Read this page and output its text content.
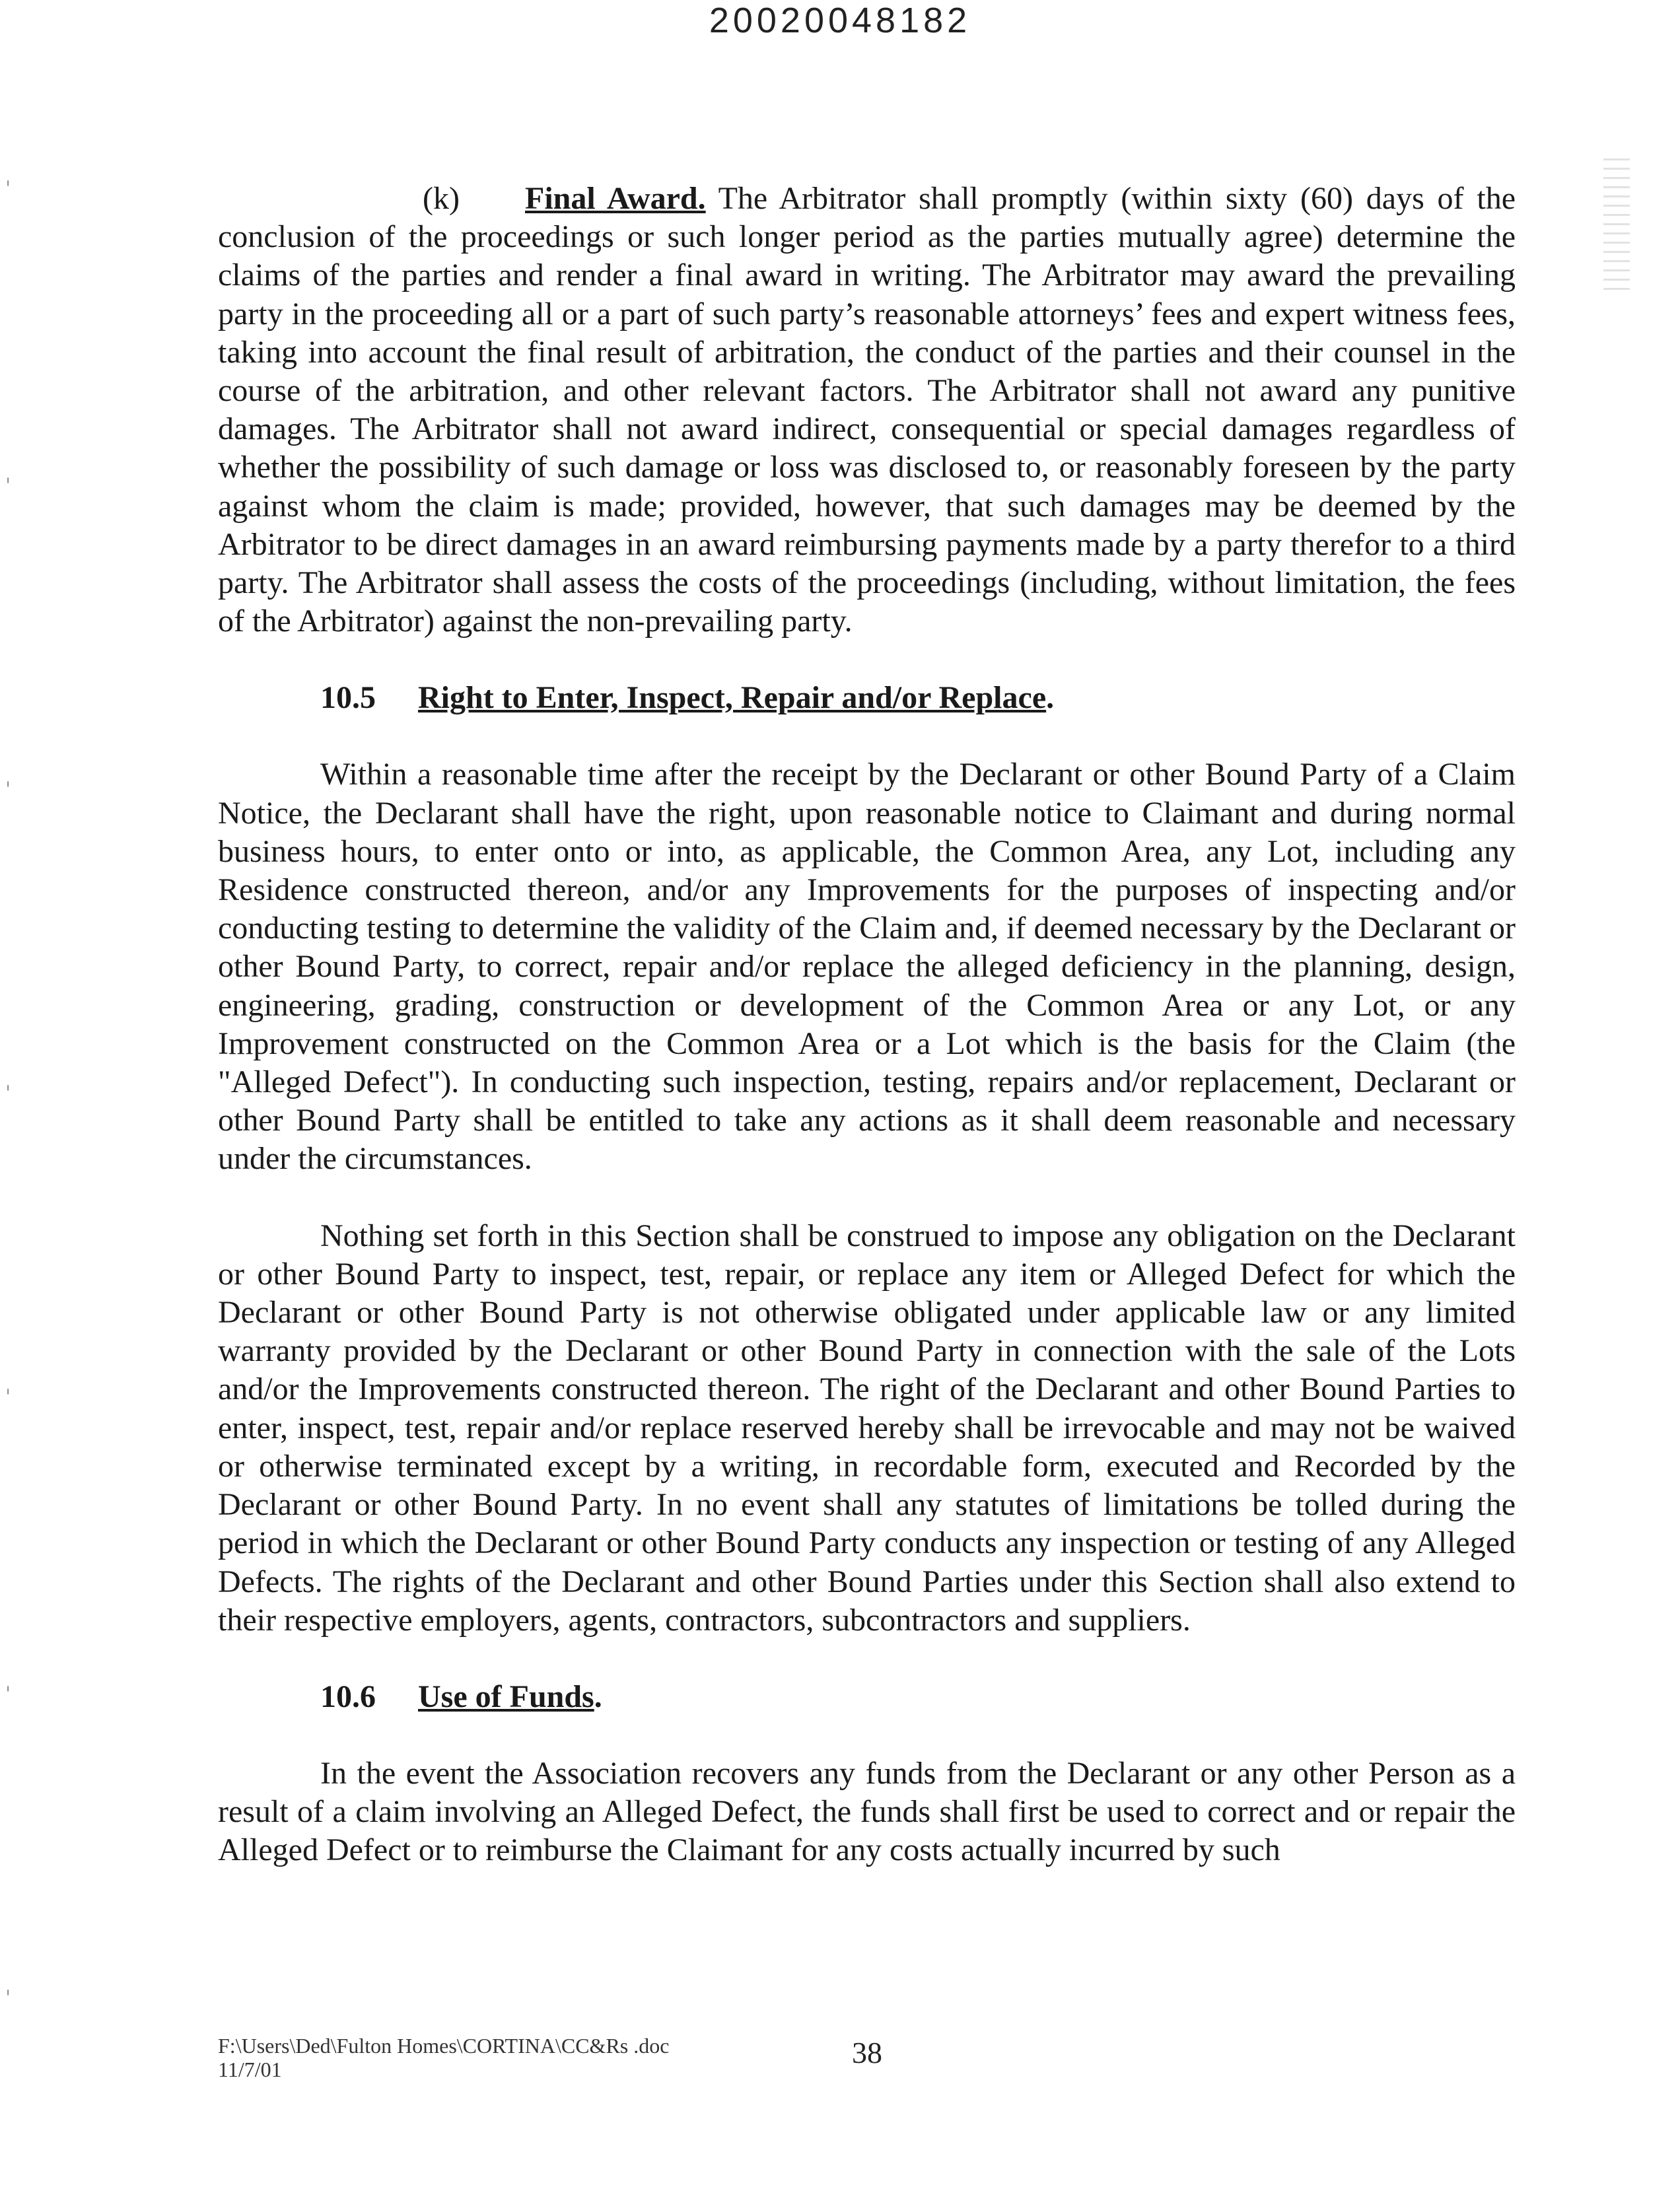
20020048182
ˌ
ˌ
ˌ
ˌ
ˌ
ˌ
ˌ

(k) Final Award. The Arbitrator shall promptly (within sixty (60) days of the conclusion of the proceedings or such longer period as the parties mutually agree) determine the claims of the parties and render a final award in writing. The Arbitrator may award the prevailing party in the proceeding all or a part of such party’s reasonable attorneys’ fees and expert witness fees, taking into account the final result of arbitration, the conduct of the parties and their counsel in the course of the arbitration, and other relevant factors. The Arbitrator shall not award any punitive damages. The Arbitrator shall not award indirect, consequential or special damages regardless of whether the possibility of such damage or loss was disclosed to, or reasonably foreseen by the party against whom the claim is made; provided, however, that such damages may be deemed by the Arbitrator to be direct damages in an award reimbursing payments made by a party therefor to a third party. The Arbitrator shall assess the costs of the proceedings (including, without limitation, the fees of the Arbitrator) against the non-prevailing party.

10.5 Right to Enter, Inspect, Repair and/or Replace.

Within a reasonable time after the receipt by the Declarant or other Bound Party of a Claim Notice, the Declarant shall have the right, upon reasonable notice to Claimant and during normal business hours, to enter onto or into, as applicable, the Common Area, any Lot, including any Residence constructed thereon, and/or any Improvements for the purposes of inspecting and/or conducting testing to determine the validity of the Claim and, if deemed necessary by the Declarant or other Bound Party, to correct, repair and/or replace the alleged deficiency in the planning, design, engineering, grading, construction or development of the Common Area or any Lot, or any Improvement constructed on the Common Area or a Lot which is the basis for the Claim (the "Alleged Defect"). In conducting such inspection, testing, repairs and/or replacement, Declarant or other Bound Party shall be entitled to take any actions as it shall deem reasonable and necessary under the circumstances.

Nothing set forth in this Section shall be construed to impose any obligation on the Declarant or other Bound Party to inspect, test, repair, or replace any item or Alleged Defect for which the Declarant or other Bound Party is not otherwise obligated under applicable law or any limited warranty provided by the Declarant or other Bound Party in connection with the sale of the Lots and/or the Improvements constructed thereon. The right of the Declarant and other Bound Parties to enter, inspect, test, repair and/or replace reserved hereby shall be irrevocable and may not be waived or otherwise terminated except by a writing, in recordable form, executed and Recorded by the Declarant or other Bound Party. In no event shall any statutes of limitations be tolled during the period in which the Declarant or other Bound Party conducts any inspection or testing of any Alleged Defects. The rights of the Declarant and other Bound Parties under this Section shall also extend to their respective employers, agents, contractors, subcontractors and suppliers.

10.6 Use of Funds.

In the event the Association recovers any funds from the Declarant or any other Person as a result of a claim involving an Alleged Defect, the funds shall first be used to correct and or repair the Alleged Defect or to reimburse the Claimant for any costs actually incurred by such

F:\Users\Ded\Fulton Homes\CORTINA\CC&Rs .doc
11/7/01	38
